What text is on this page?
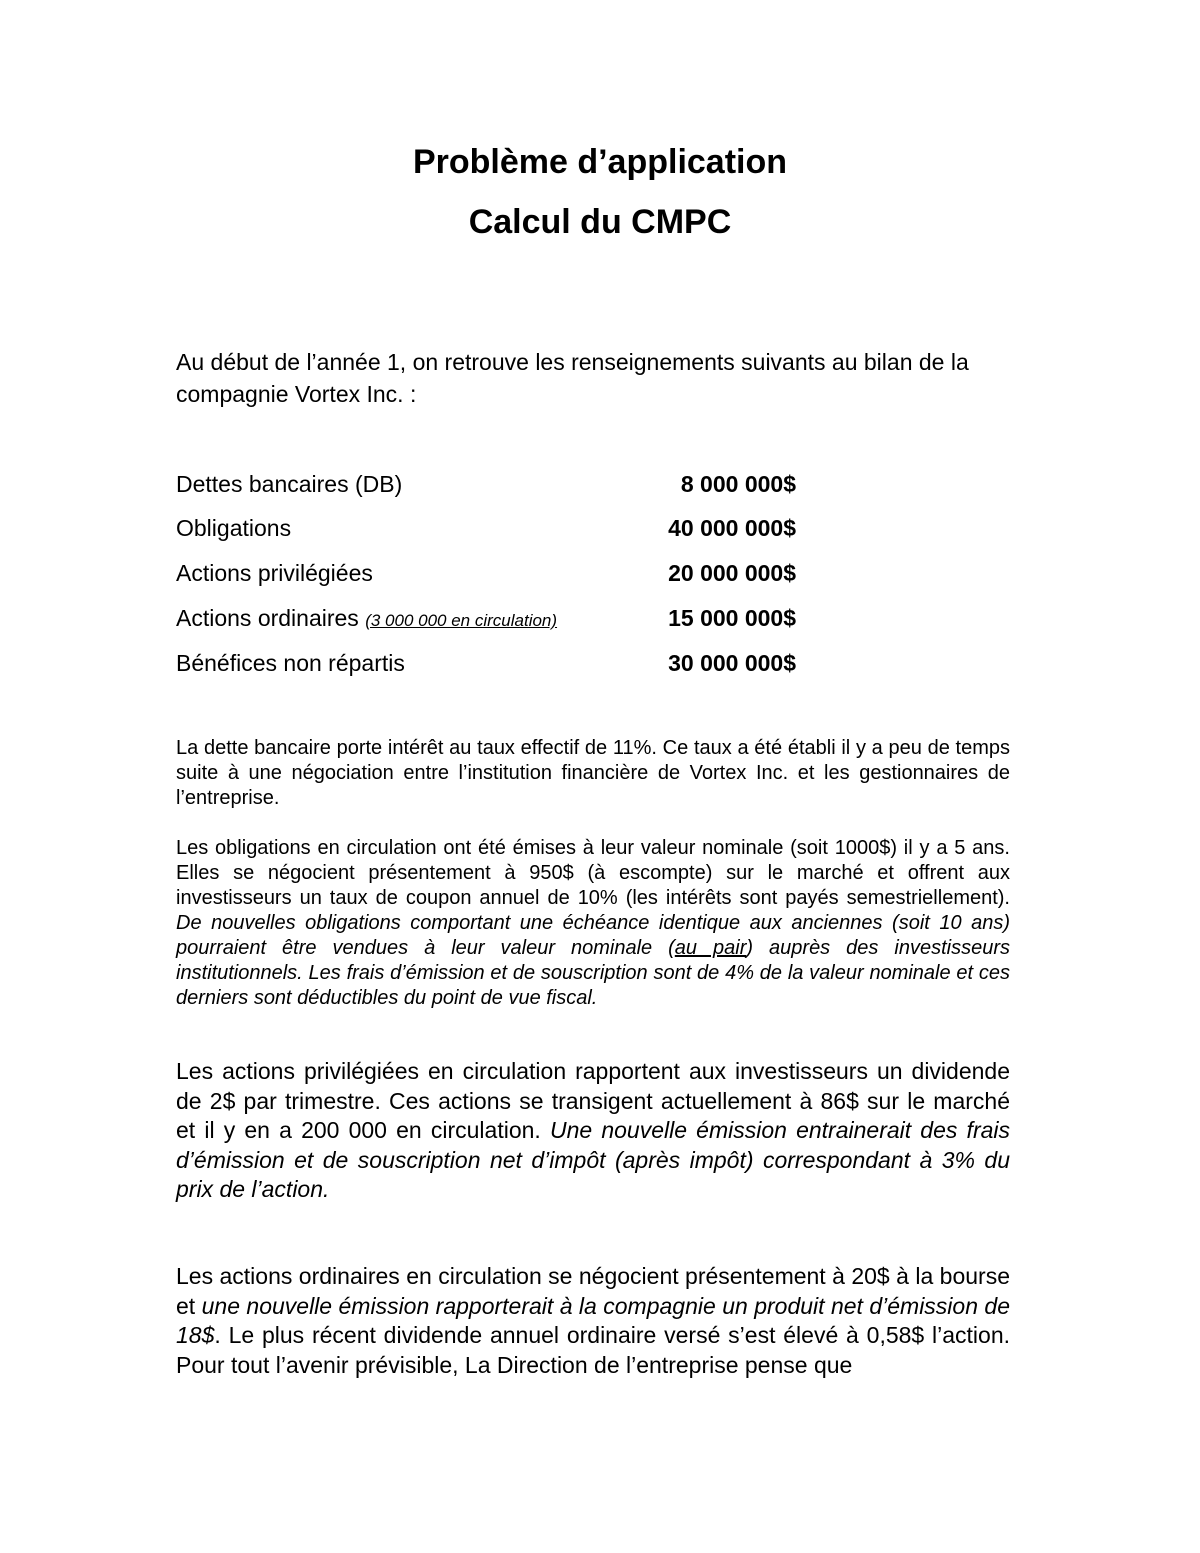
Problème d’application
Calcul du CMPC
Au début de l’année 1, on retrouve les renseignements suivants au bilan de la compagnie Vortex Inc. :
Dettes bancaires (DB)	8 000 000$
Obligations	40 000 000$
Actions privilégiées	20 000 000$
Actions ordinaires (3 000 000 en circulation)	15 000 000$
Bénéfices non répartis	30 000 000$
La dette bancaire porte intérêt au taux effectif de 11%. Ce taux a été établi il y a peu de temps suite à une négociation entre l’institution financière de Vortex Inc. et les gestionnaires de l’entreprise.
Les obligations en circulation ont été émises à leur valeur nominale (soit 1000$) il y a 5 ans. Elles se négocient présentement à 950$ (à escompte) sur le marché et offrent aux investisseurs un taux de coupon annuel de 10% (les intérêts sont payés semestriellement). De nouvelles obligations comportant une échéance identique aux anciennes (soit 10 ans) pourraient être vendues à leur valeur nominale (au pair) auprès des investisseurs institutionnels. Les frais d’émission et de souscription sont de 4% de la valeur nominale et ces derniers sont déductibles du point de vue fiscal.
Les actions privilégiées en circulation rapportent aux investisseurs un dividende de 2$ par trimestre. Ces actions se transigent actuellement à 86$ sur le marché et il y en a 200 000 en circulation. Une nouvelle émission entrainerait des frais d’émission et de souscription net d’impôt (après impôt) correspondant à 3% du prix de l’action.
Les actions ordinaires en circulation se négocient présentement à 20$ à la bourse et une nouvelle émission rapporterait à la compagnie un produit net d’émission de 18$. Le plus récent dividende annuel ordinaire versé s’est élevé à 0,58$ l’action. Pour tout l’avenir prévisible, La Direction de l’entreprise pense que
